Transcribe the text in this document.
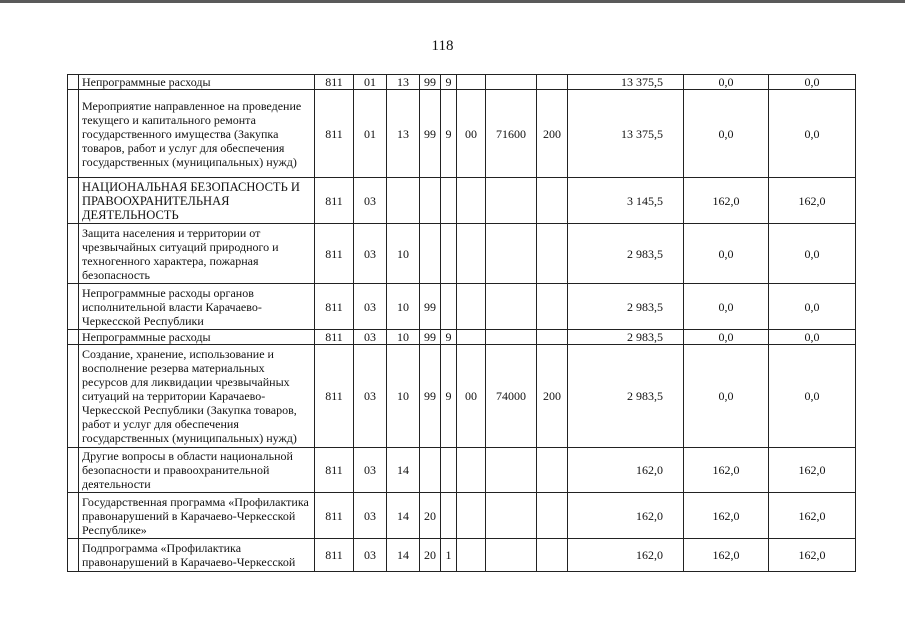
118
	Непрограммные расходы	811	01	13	99	9				13 375,5	0,0	0,0
	Мероприятие направленное на проведение текущего и капитального ремонта государственного имущества (Закупка товаров, работ и услуг для обеспечения государственных (муниципальных) нужд)	811	01	13	99	9	00	71600	200	13 375,5	0,0	0,0
	НАЦИОНАЛЬНАЯ БЕЗОПАСНОСТЬ И ПРАВООХРАНИТЕЛЬНАЯ ДЕЯТЕЛЬНОСТЬ	811	03							3 145,5	162,0	162,0
	Защита населения и территории от чрезвычайных ситуаций природного и техногенного характера, пожарная безопасность	811	03	10						2 983,5	0,0	0,0
	Непрограммные расходы органов исполнительной власти Карачаево-Черкесской Республики	811	03	10	99					2 983,5	0,0	0,0
	Непрограммные расходы	811	03	10	99	9				2 983,5	0,0	0,0
	Создание, хранение, использование и восполнение резерва материальных ресурсов для ликвидации чрезвычайных ситуаций на территории Карачаево-Черкесской Республики (Закупка товаров, работ и услуг для обеспечения государственных (муниципальных) нужд)	811	03	10	99	9	00	74000	200	2 983,5	0,0	0,0
	Другие вопросы в области национальной безопасности и правоохранительной деятельности	811	03	14						162,0	162,0	162,0
	Государственная программа «Профилактика правонарушений в Карачаево-Черкесской Республике»	811	03	14	20					162,0	162,0	162,0
	Подпрограмма «Профилактика правонарушений в Карачаево-Черкесской	811	03	14	20	1				162,0	162,0	162,0
